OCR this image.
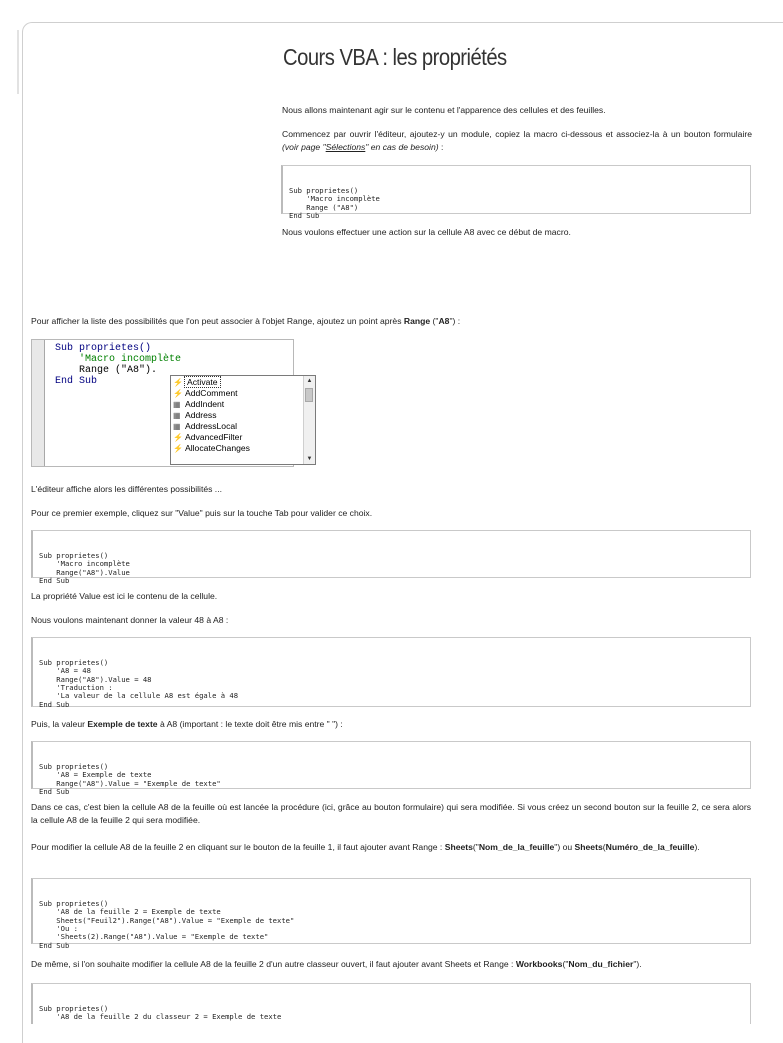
Cours VBA : les propriétés

Nous allons maintenant agir sur le contenu et l'apparence des cellules et des feuilles.

Commencez par ouvrir l'éditeur, ajoutez-y un module, copiez la macro ci-dessous et associez-la à un bouton formulaire (voir page "Sélections" en cas de besoin) :

Sub proprietes()
'Macro incomplète
Range ("A8")
End Sub

Nous voulons effectuer une action sur la cellule A8 avec ce début de macro.

Pour afficher la liste des possibilités que l'on peut associer à l'objet Range, ajoutez un point après Range ("A8") :

Sub proprietes()
'Macro incomplète
Range ("A8").
End Sub	⚡ Activate
⚡ AddComment
▦ AddIndent
▦ Address
▦ AddressLocal
⚡ AdvancedFilter
⚡ AllocateChanges
▲
▼

L'éditeur affiche alors les différentes possibilités ...

Pour ce premier exemple, cliquez sur "Value" puis sur la touche Tab pour valider ce choix.

Sub proprietes()
'Macro incomplète
Range("A8").Value
End Sub

La propriété Value est ici le contenu de la cellule.

Nous voulons maintenant donner la valeur 48 à A8 :

Sub proprietes()
'A8 = 48
Range("A8").Value = 48
'Traduction :
'La valeur de la cellule A8 est égale à 48
End Sub

Puis, la valeur Exemple de texte à A8 (important : le texte doit être mis entre " ") :

Sub proprietes()
'A8 = Exemple de texte
Range("A8").Value = "Exemple de texte"
End Sub

Dans ce cas, c'est bien la cellule A8 de la feuille où est lancée la procédure (ici, grâce au bouton formulaire) qui sera modifiée. Si vous créez un second bouton sur la feuille 2, ce sera alors la cellule A8 de la feuille 2 qui sera modifiée.

Pour modifier la cellule A8 de la feuille 2 en cliquant sur le bouton de la feuille 1, il faut ajouter avant Range : Sheets("Nom_de_la_feuille") ou Sheets(Numéro_de_la_feuille).

Sub proprietes()
'A8 de la feuille 2 = Exemple de texte
Sheets("Feuil2").Range("A8").Value = "Exemple de texte"
'Ou :
'Sheets(2).Range("A8").Value = "Exemple de texte"
End Sub

De même, si l'on souhaite modifier la cellule A8 de la feuille 2 d'un autre classeur ouvert, il faut ajouter avant Sheets et Range : Workbooks("Nom_du_fichier").

Sub proprietes()
'A8 de la feuille 2 du classeur 2 = Exemple de texte
